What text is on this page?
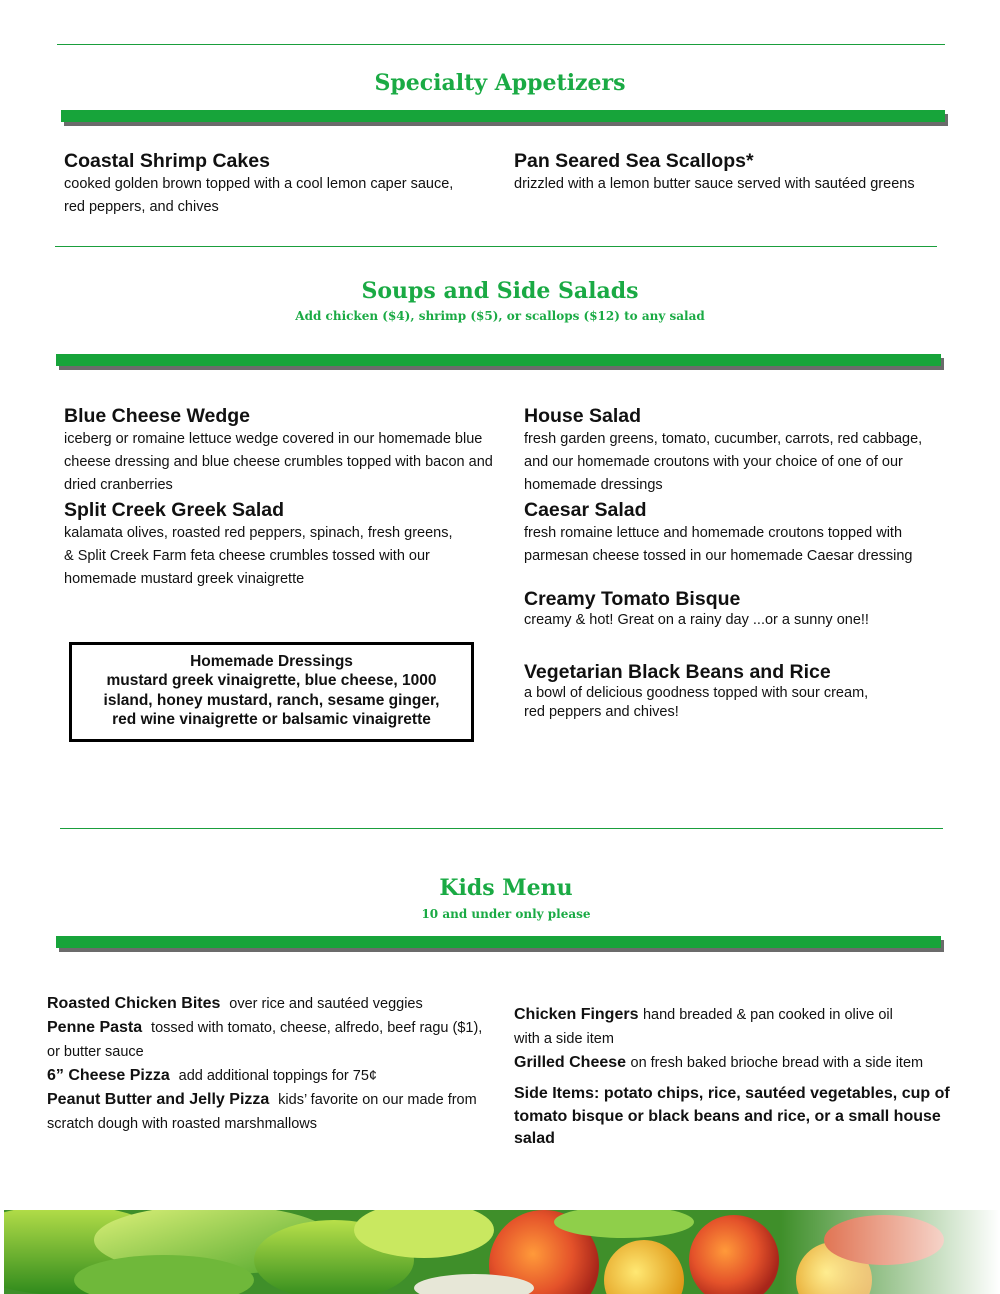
Specialty Appetizers

Coastal Shrimp Cakes

cooked golden brown topped with a cool lemon caper sauce,
red peppers, and chives

Pan Seared Sea Scallops*

drizzled with a lemon butter sauce served with sautéed greens

Soups and Side Salads
Add chicken ($4), shrimp ($5), or scallops ($12) to any salad

Blue Cheese Wedge

iceberg or romaine lettuce wedge covered in our homemade blue
cheese dressing and blue cheese crumbles topped with bacon and
dried cranberries

Split Creek Greek Salad

kalamata olives, roasted red peppers, spinach, fresh greens,
& Split Creek Farm feta cheese crumbles tossed with our
homemade mustard greek vinaigrette

Homemade Dressings
mustard greek vinaigrette, blue cheese, 1000
island, honey mustard, ranch, sesame ginger,
red wine vinaigrette or balsamic vinaigrette

House Salad

fresh garden greens, tomato, cucumber, carrots, red cabbage,
and our homemade croutons with your choice of one of our
homemade dressings

Caesar Salad

fresh romaine lettuce and homemade croutons topped with
parmesan cheese tossed in our homemade Caesar dressing

Creamy Tomato Bisque

creamy & hot! Great on a rainy day ...or a sunny one!!

Vegetarian Black Beans and Rice

a bowl of delicious goodness topped with sour cream,
red peppers and chives!

Kids Menu
10 and under only please

Roasted Chicken Bites over rice and sautéed veggies

Penne Pasta tossed with tomato, cheese, alfredo, beef ragu ($1),
or butter sauce

6” Cheese Pizza add additional toppings for 75¢

Peanut Butter and Jelly Pizza kids’ favorite on our made from
scratch dough with roasted marshmallows

Chicken Fingers hand breaded & pan cooked in olive oil
with a side item

Grilled Cheese on fresh baked brioche bread with a side item

Side Items: potato chips, rice, sautéed vegetables, cup of tomato bisque or black beans and rice, or a small house salad
